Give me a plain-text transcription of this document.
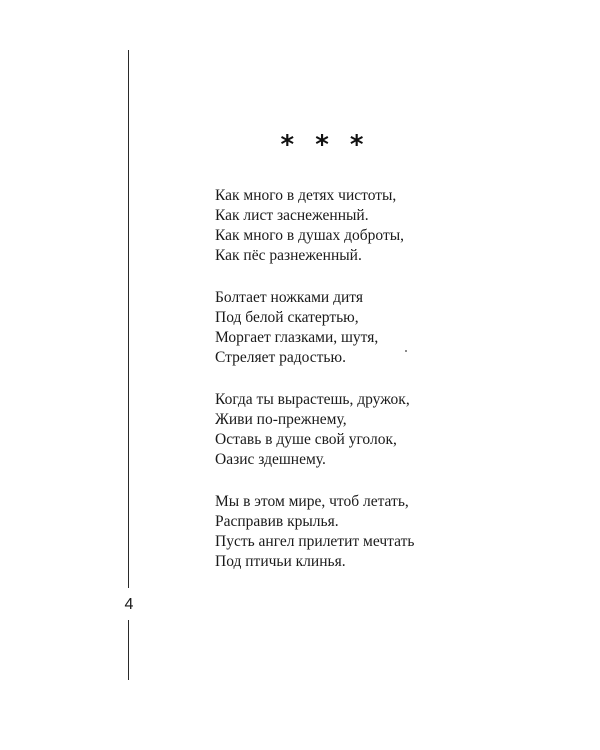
4
* * *
Как много в детях чистоты,
Как лист заснеженный.
Как много в душах доброты,
Как пёс разнеженный.
Болтает ножками дитя
Под белой скатертью,
Моргает глазками, шутя,
Стреляет радостью.
Когда ты вырастешь, дружок,
Живи по-прежнему,
Оставь в душе свой уголок,
Оазис здешнему.
Мы в этом мире, чтоб летать,
Расправив крылья.
Пусть ангел прилетит мечтать
Под птичьи клинья.
